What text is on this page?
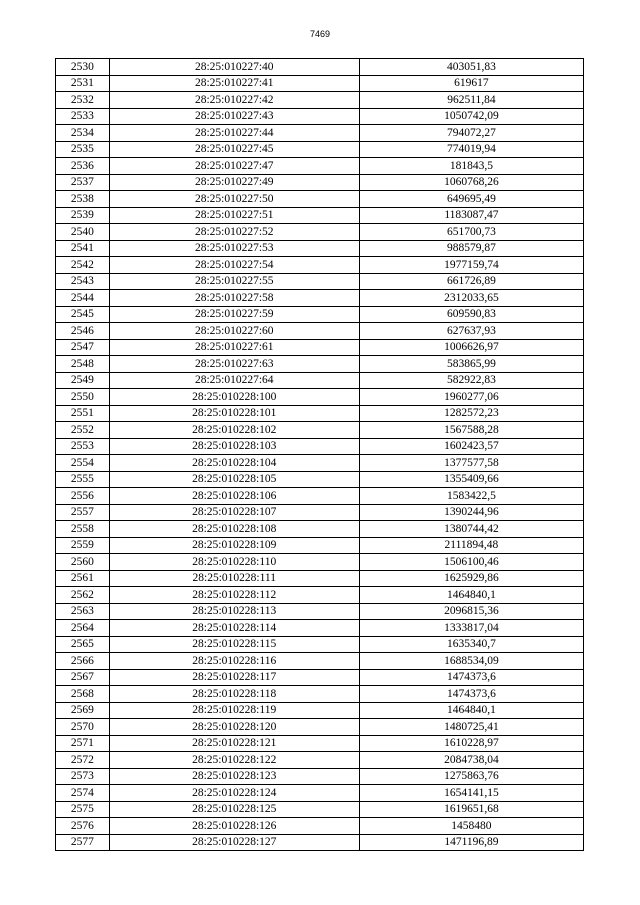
7469
2530	28:25:010227:40	403051,83
2531	28:25:010227:41	619617
2532	28:25:010227:42	962511,84
2533	28:25:010227:43	1050742,09
2534	28:25:010227:44	794072,27
2535	28:25:010227:45	774019,94
2536	28:25:010227:47	181843,5
2537	28:25:010227:49	1060768,26
2538	28:25:010227:50	649695,49
2539	28:25:010227:51	1183087,47
2540	28:25:010227:52	651700,73
2541	28:25:010227:53	988579,87
2542	28:25:010227:54	1977159,74
2543	28:25:010227:55	661726,89
2544	28:25:010227:58	2312033,65
2545	28:25:010227:59	609590,83
2546	28:25:010227:60	627637,93
2547	28:25:010227:61	1006626,97
2548	28:25:010227:63	583865,99
2549	28:25:010227:64	582922,83
2550	28:25:010228:100	1960277,06
2551	28:25:010228:101	1282572,23
2552	28:25:010228:102	1567588,28
2553	28:25:010228:103	1602423,57
2554	28:25:010228:104	1377577,58
2555	28:25:010228:105	1355409,66
2556	28:25:010228:106	1583422,5
2557	28:25:010228:107	1390244,96
2558	28:25:010228:108	1380744,42
2559	28:25:010228:109	2111894,48
2560	28:25:010228:110	1506100,46
2561	28:25:010228:111	1625929,86
2562	28:25:010228:112	1464840,1
2563	28:25:010228:113	2096815,36
2564	28:25:010228:114	1333817,04
2565	28:25:010228:115	1635340,7
2566	28:25:010228:116	1688534,09
2567	28:25:010228:117	1474373,6
2568	28:25:010228:118	1474373,6
2569	28:25:010228:119	1464840,1
2570	28:25:010228:120	1480725,41
2571	28:25:010228:121	1610228,97
2572	28:25:010228:122	2084738,04
2573	28:25:010228:123	1275863,76
2574	28:25:010228:124	1654141,15
2575	28:25:010228:125	1619651,68
2576	28:25:010228:126	1458480
2577	28:25:010228:127	1471196,89
